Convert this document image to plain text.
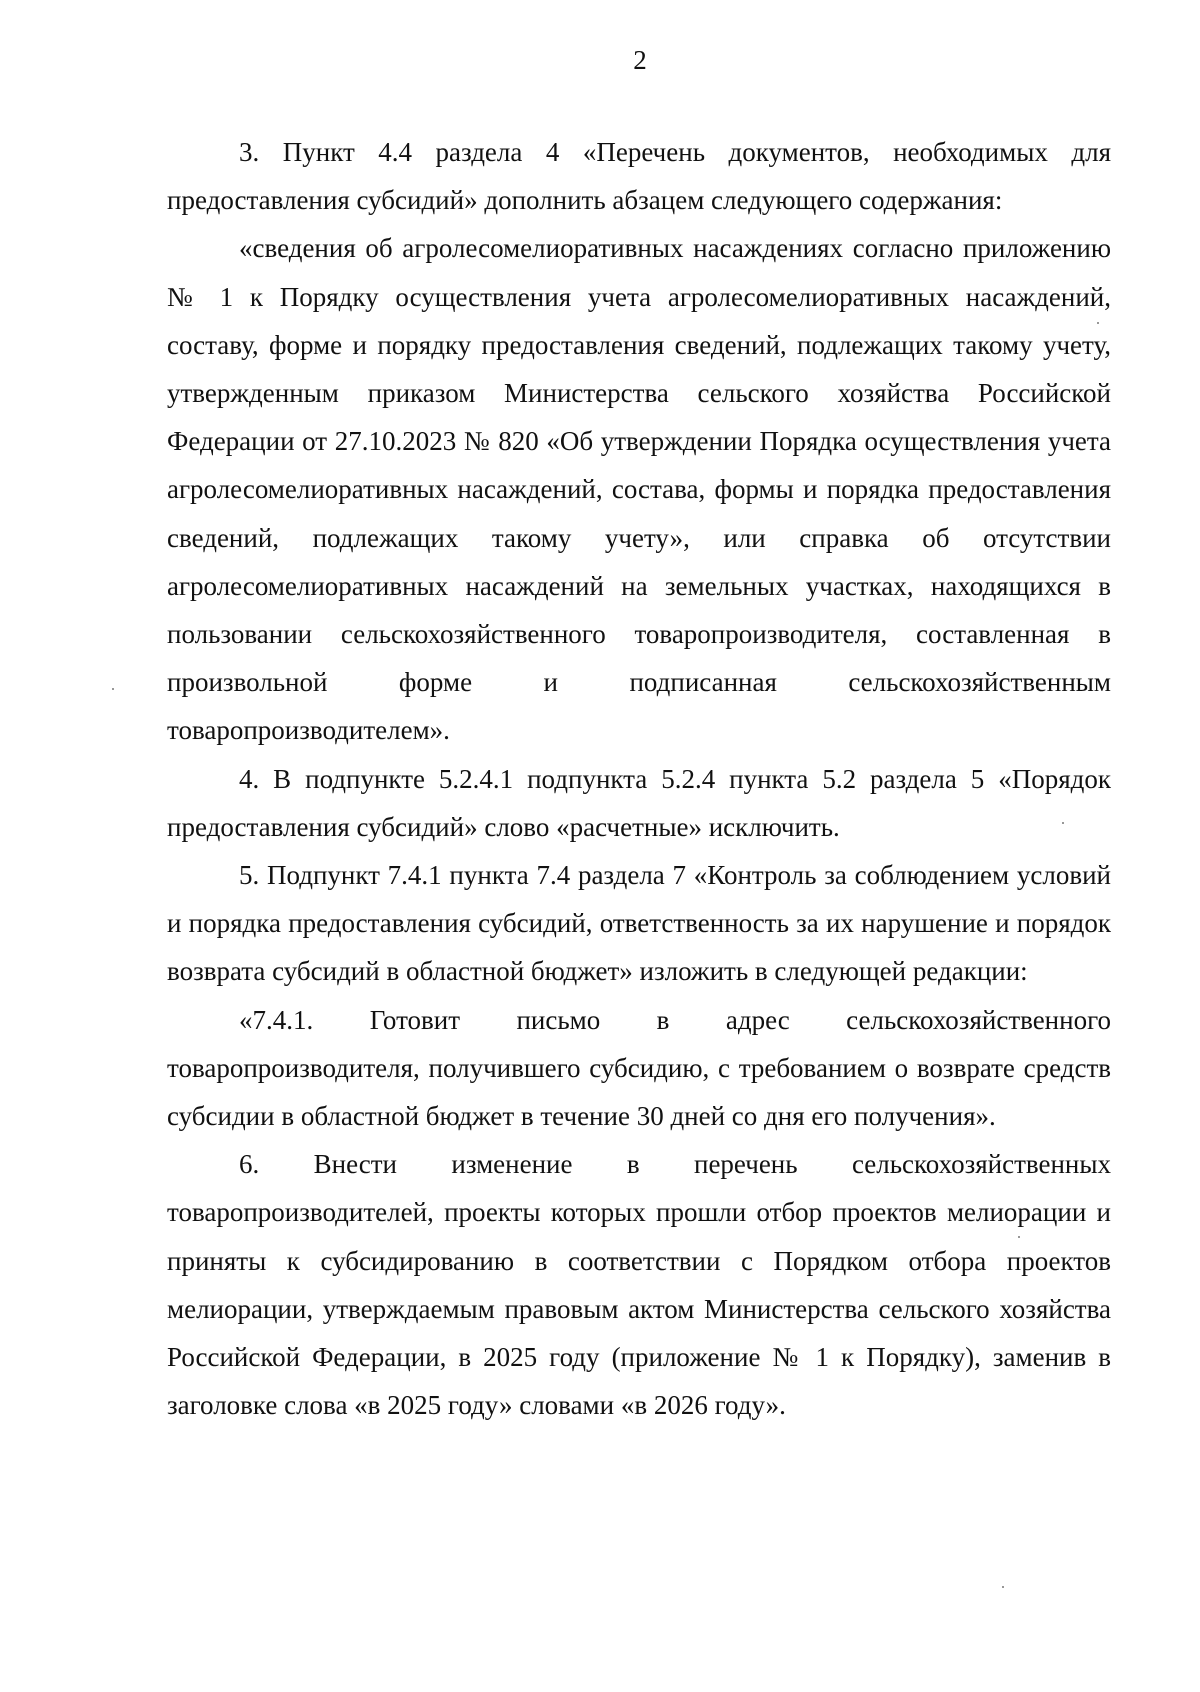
2

3. Пункт 4.4 раздела 4 «Перечень документов, необходимых для предоставления субсидий» дополнить абзацем следующего содержания:

«сведения об агролесомелиоративных насаждениях согласно приложению № 1 к Порядку осуществления учета агролесомелиоративных насаждений, составу, форме и порядку предоставления сведений, подлежащих такому учету, утвержденным приказом Министерства сельского хозяйства Российской Федерации от 27.10.2023 № 820 «Об утверждении Порядка осуществления учета агролесомелиоративных насаждений, состава, формы и порядка предоставления сведений, подлежащих такому учету», или справка об отсутствии агролесомелиоративных насаждений на земельных участках, находящихся в пользовании сельскохозяйственного товаропроизводителя, составленная в произвольной форме и подписанная сельскохозяйственным товаропроизводителем».

4. В подпункте 5.2.4.1 подпункта 5.2.4 пункта 5.2 раздела 5 «Порядок предоставления субсидий» слово «расчетные» исключить.

5. Подпункт 7.4.1 пункта 7.4 раздела 7 «Контроль за соблюдением условий и порядка предоставления субсидий, ответственность за их нарушение и порядок возврата субсидий в областной бюджет» изложить в следующей редакции:

«7.4.1. Готовит письмо в адрес сельскохозяйственного товаропроизводителя, получившего субсидию, с требованием о возврате средств субсидии в областной бюджет в течение 30 дней со дня его получения».

6. Внести изменение в перечень сельскохозяйственных товаропроизводителей, проекты которых прошли отбор проектов мелиорации и приняты к субсидированию в соответствии с Порядком отбора проектов мелиорации, утверждаемым правовым актом Министерства сельского хозяйства Российской Федерации, в 2025 году (приложение № 1 к Порядку), заменив в заголовке слова «в 2025 году» словами «в 2026 году».
